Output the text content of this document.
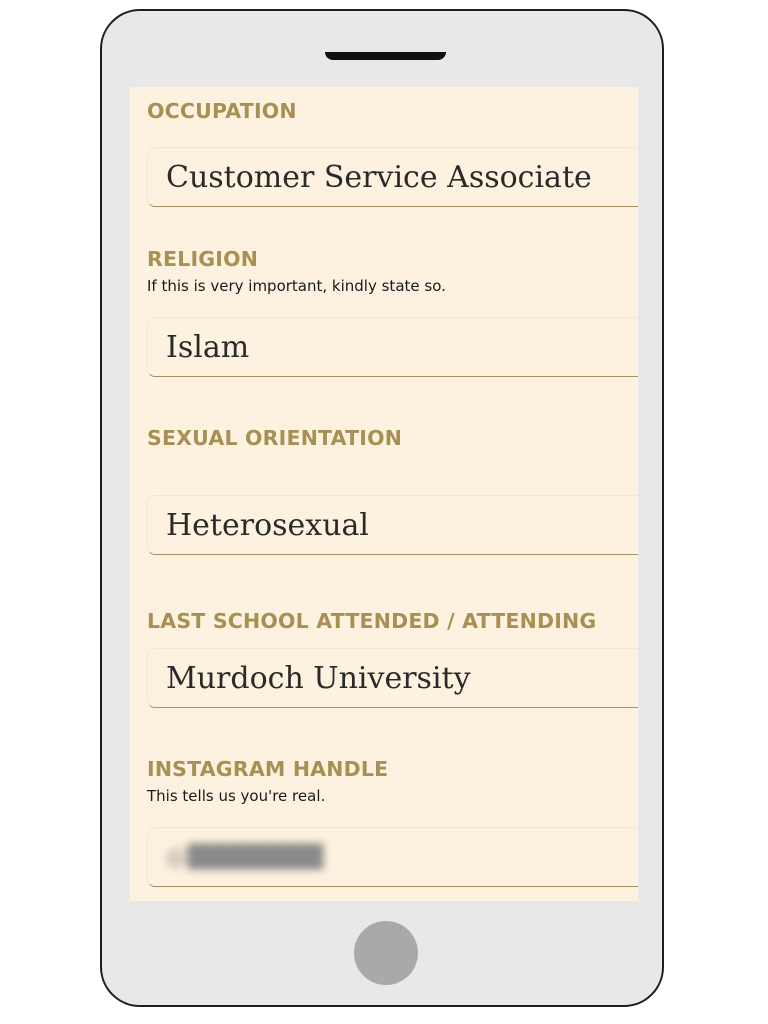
OCCUPATION
Customer Service Associate
RELIGION
If this is very important, kindly state so.
Islam
SEXUAL ORIENTATION
Heterosexual
LAST SCHOOL ATTENDED / ATTENDING
Murdoch University
INSTAGRAM HANDLE
This tells us you're real.
@████████
